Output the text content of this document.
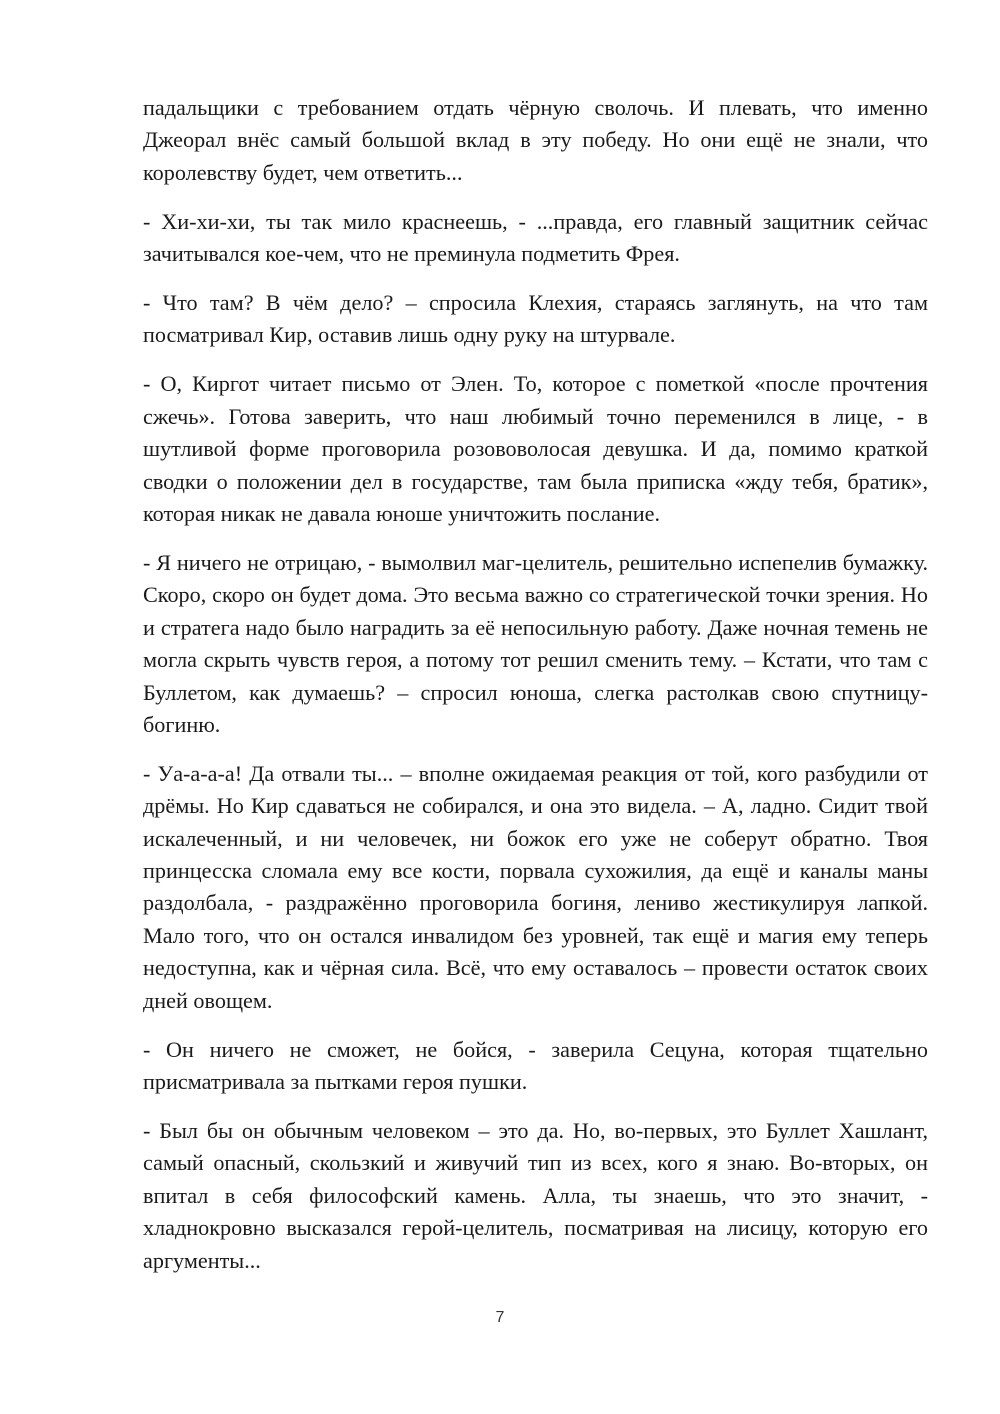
падальщики с требованием отдать чёрную сволочь. И плевать, что именно Джеорал внёс самый большой вклад в эту победу. Но они ещё не знали, что королевству будет, чем ответить...

- Хи-хи-хи, ты так мило краснеешь, - ...правда, его главный защитник сейчас зачитывался кое-чем, что не преминула подметить Фрея.

- Что там? В чём дело? – спросила Клехия, стараясь заглянуть, на что там посматривал Кир, оставив лишь одну руку на штурвале.

- О, Киргот читает письмо от Элен. То, которое с пометкой «после прочтения сжечь». Готова заверить, что наш любимый точно переменился в лице, - в шутливой форме проговорила розововолосая девушка. И да, помимо краткой сводки о положении дел в государстве, там была приписка «жду тебя, братик», которая никак не давала юноше уничтожить послание.

- Я ничего не отрицаю, - вымолвил маг-целитель, решительно испепелив бумажку. Скоро, скоро он будет дома. Это весьма важно со стратегической точки зрения. Но и стратега надо было наградить за её непосильную работу. Даже ночная темень не могла скрыть чувств героя, а потому тот решил сменить тему. – Кстати, что там с Буллетом, как думаешь? – спросил юноша, слегка растолкав свою спутницу-богиню.

- Уа-а-а-а! Да отвали ты... – вполне ожидаемая реакция от той, кого разбудили от дрёмы. Но Кир сдаваться не собирался, и она это видела. – А, ладно. Сидит твой искалеченный, и ни человечек, ни божок его уже не соберут обратно. Твоя принцесска сломала ему все кости, порвала сухожилия, да ещё и каналы маны раздолбала, - раздражённо проговорила богиня, лениво жестикулируя лапкой. Мало того, что он остался инвалидом без уровней, так ещё и магия ему теперь недоступна, как и чёрная сила. Всё, что ему оставалось – провести остаток своих дней овощем.

- Он ничего не сможет, не бойся, - заверила Сецуна, которая тщательно присматривала за пытками героя пушки.

- Был бы он обычным человеком – это да. Но, во-первых, это Буллет Хашлант, самый опасный, скользкий и живучий тип из всех, кого я знаю. Во-вторых, он впитал в себя философский камень. Алла, ты знаешь, что это значит, - хладнокровно высказался герой-целитель, посматривая на лисицу, которую его аргументы...

7
